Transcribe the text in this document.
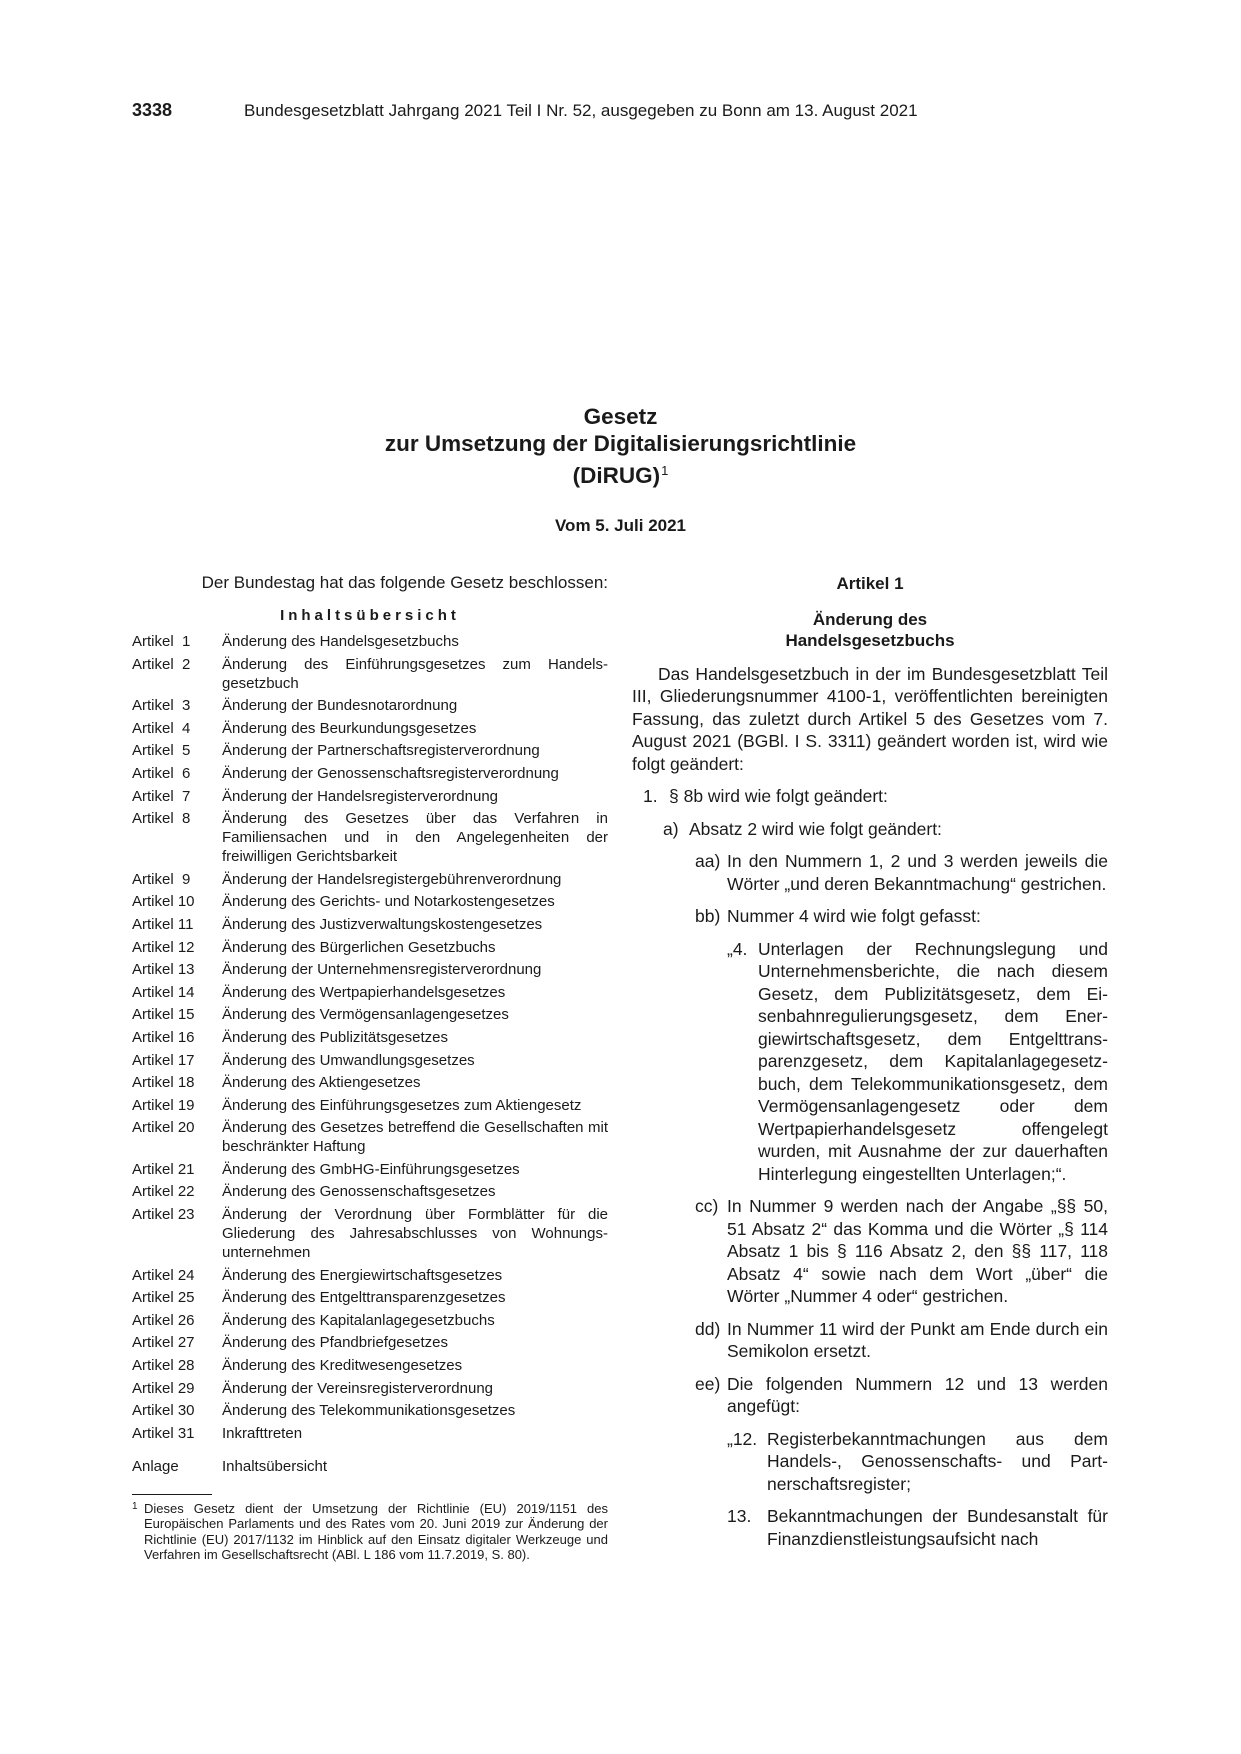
3338	Bundesgesetzblatt Jahrgang 2021 Teil I Nr. 52, ausgegeben zu Bonn am 13. August 2021
Gesetz
zur Umsetzung der Digitalisierungsrichtlinie
(DiRUG)$^1$
Vom 5. Juli 2021
Der Bundestag hat das folgende Gesetz beschlossen:
Inhaltsübersicht
Artikel  1	Änderung des Handelsgesetzbuchs
Artikel  2	Änderung des Einführungsgesetzes zum Handelsgesetzbuch
Artikel  3	Änderung der Bundesnotarordnung
Artikel  4	Änderung des Beurkundungsgesetzes
Artikel  5	Änderung der Partnerschaftsregisterverordnung
Artikel  6	Änderung der Genossenschaftsregisterverordnung
Artikel  7	Änderung der Handelsregisterverordnung
Artikel  8	Änderung des Gesetzes über das Verfahren in Familiensachen und in den Angelegenheiten der freiwilligen Gerichtsbarkeit
Artikel  9	Änderung der Handelsregistergebührenverordnung
Artikel 10	Änderung des Gerichts- und Notarkostengesetzes
Artikel 11	Änderung des Justizverwaltungskostengesetzes
Artikel 12	Änderung des Bürgerlichen Gesetzbuchs
Artikel 13	Änderung der Unternehmensregisterverordnung
Artikel 14	Änderung des Wertpapierhandelsgesetzes
Artikel 15	Änderung des Vermögensanlagengesetzes
Artikel 16	Änderung des Publizitätsgesetzes
Artikel 17	Änderung des Umwandlungsgesetzes
Artikel 18	Änderung des Aktiengesetzes
Artikel 19	Änderung des Einführungsgesetzes zum Aktiengesetz
Artikel 20	Änderung des Gesetzes betreffend die Gesellschaften mit beschränkter Haftung
Artikel 21	Änderung des GmbHG-Einführungsgesetzes
Artikel 22	Änderung des Genossenschaftsgesetzes
Artikel 23	Änderung der Verordnung über Formblätter für die Gliederung des Jahresabschlusses von Wohnungsunternehmen
Artikel 24	Änderung des Energiewirtschaftsgesetzes
Artikel 25	Änderung des Entgelttransparenzgesetzes
Artikel 26	Änderung des Kapitalanlagegesetzbuchs
Artikel 27	Änderung des Pfandbriefgesetzes
Artikel 28	Änderung des Kreditwesengesetzes
Artikel 29	Änderung der Vereinsregisterverordnung
Artikel 30	Änderung des Telekommunikationsgesetzes
Artikel 31	Inkrafttreten
Anlage	Inhaltsübersicht
1 Dieses Gesetz dient der Umsetzung der Richtlinie (EU) 2019/1151 des Europäischen Parlaments und des Rates vom 20. Juni 2019 zur Änderung der Richtlinie (EU) 2017/1132 im Hinblick auf den Einsatz digitaler Werkzeuge und Verfahren im Gesellschaftsrecht (ABl. L 186 vom 11.7.2019, S. 80).
Artikel 1
Änderung des
Handelsgesetzbuchs
Das Handelsgesetzbuch in der im Bundesgesetzblatt Teil III, Gliederungsnummer 4100-1, veröffentlichten bereinigten Fassung, das zuletzt durch Artikel 5 des Gesetzes vom 7. August 2021 (BGBl. I S. 3311) geändert worden ist, wird wie folgt geändert:
1. § 8b wird wie folgt geändert:
a) Absatz 2 wird wie folgt geändert:
aa) In den Nummern 1, 2 und 3 werden jeweils die Wörter „und deren Bekanntmachung“ gestrichen.
bb) Nummer 4 wird wie folgt gefasst:
„4. Unterlagen der Rechnungslegung und Unternehmensberichte, die nach diesem Gesetz, dem Publizitätsgesetz, dem Eisenbahnregulierungsgesetz, dem Energiewirtschaftsgesetz, dem Entgelttransparenzgesetz, dem Kapitalanlagegesetzbuch, dem Telekommunikationsgesetz, dem Vermögensanlagengesetz oder dem Wertpapierhandelsgesetz offengelegt wurden, mit Ausnahme der zur dauerhaften Hinterlegung eingestellten Unterlagen;“.
cc) In Nummer 9 werden nach der Angabe „§§ 50, 51 Absatz 2“ das Komma und die Wörter „§ 114 Absatz 1 bis § 116 Absatz 2, den §§ 117, 118 Absatz 4“ sowie nach dem Wort „über“ die Wörter „Nummer 4 oder“ gestrichen.
dd) In Nummer 11 wird der Punkt am Ende durch ein Semikolon ersetzt.
ee) Die folgenden Nummern 12 und 13 werden angefügt:
„12. Registerbekanntmachungen aus dem Handels-, Genossenschafts- und Partnerschaftsregister;
13. Bekanntmachungen der Bundesanstalt für Finanzdienstleistungsaufsicht nach
